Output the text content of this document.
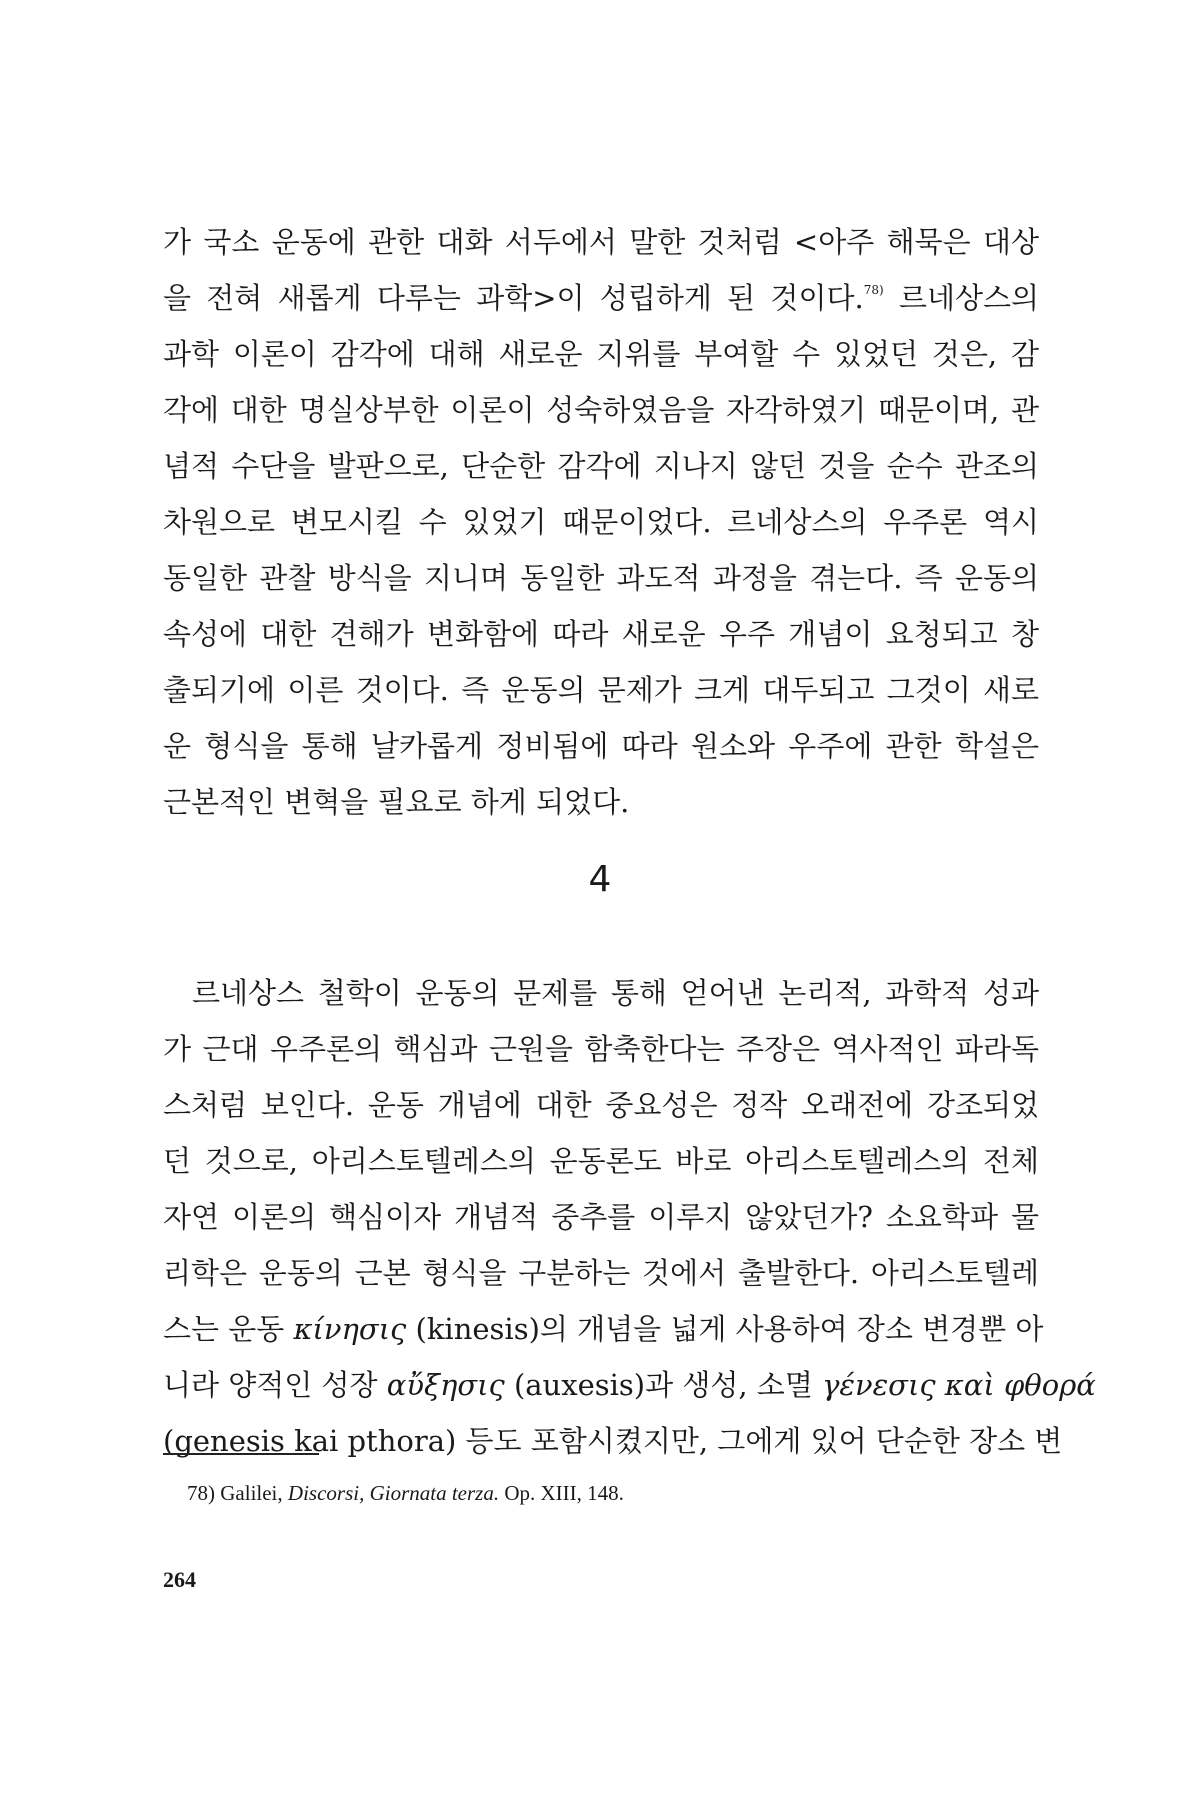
가 국소 운동에 관한 대화 서두에서 말한 것처럼 <아주 해묵은 대상
을 전혀 새롭게 다루는 과학>이 성립하게 된 것이다.$^{78)}$ 르네상스의
과학 이론이 감각에 대해 새로운 지위를 부여할 수 있었던 것은, 감
각에 대한 명실상부한 이론이 성숙하였음을 자각하였기 때문이며, 관
념적 수단을 발판으로, 단순한 감각에 지나지 않던 것을 순수 관조의
차원으로 변모시킬 수 있었기 때문이었다. 르네상스의 우주론 역시
동일한 관찰 방식을 지니며 동일한 과도적 과정을 겪는다. 즉 운동의
속성에 대한 견해가 변화함에 따라 새로운 우주 개념이 요청되고 창
출되기에 이른 것이다. 즉 운동의 문제가 크게 대두되고 그것이 새로
운 형식을 통해 날카롭게 정비됨에 따라 원소와 우주에 관한 학설은
근본적인 변혁을 필요로 하게 되었다.
4
르네상스 철학이 운동의 문제를 통해 얻어낸 논리적, 과학적 성과
가 근대 우주론의 핵심과 근원을 함축한다는 주장은 역사적인 파라독
스처럼 보인다. 운동 개념에 대한 중요성은 정작 오래전에 강조되었
던 것으로, 아리스토텔레스의 운동론도 바로 아리스토텔레스의 전체
자연 이론의 핵심이자 개념적 중추를 이루지 않았던가? 소요학파 물
리학은 운동의 근본 형식을 구분하는 것에서 출발한다. 아리스토텔레
스는 운동 κίνησις (kinesis)의 개념을 넓게 사용하여 장소 변경뿐 아
니라 양적인 성장 αὔξησις (auxesis)과 생성, 소멸 γένεσις καὶ φθορά
(genesis kai pthora) 등도 포함시켰지만, 그에게 있어 단순한 장소 변
78) Galilei, Discorsi, Giornata terza. Op. XIII, 148.
264
